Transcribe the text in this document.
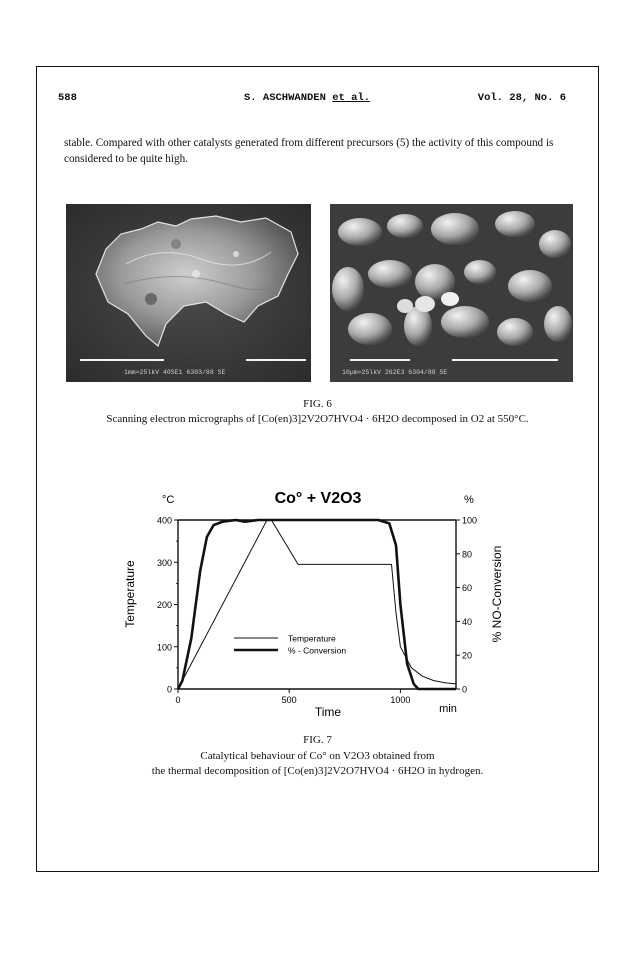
588	S. ASCHWANDEN et al.	Vol. 28, No. 6
stable. Compared with other catalysts generated from different precursors (5) the activity of this compound is considered to be quite high.
1mm≈25lkV 40SE1 6303/88 SE	10µm≈25lkV 262E3 6304/88 SE
FIG. 6
Scanning electron micrographs of [Co(en)3]2V2O7HVO4 · 6H2O decomposed in O2 at 550°C.
°C	Co° + V2O3	%
Temperature	% NO-Conversion
Time	min
0
100
200
300
400
0
20
40
60
80
100
0	500	1000
Temperature
% - Conversion
FIG. 7
Catalytical behaviour of Co° on V2O3 obtained from
the thermal decomposition of [Co(en)3]2V2O7HVO4 · 6H2O in hydrogen.
